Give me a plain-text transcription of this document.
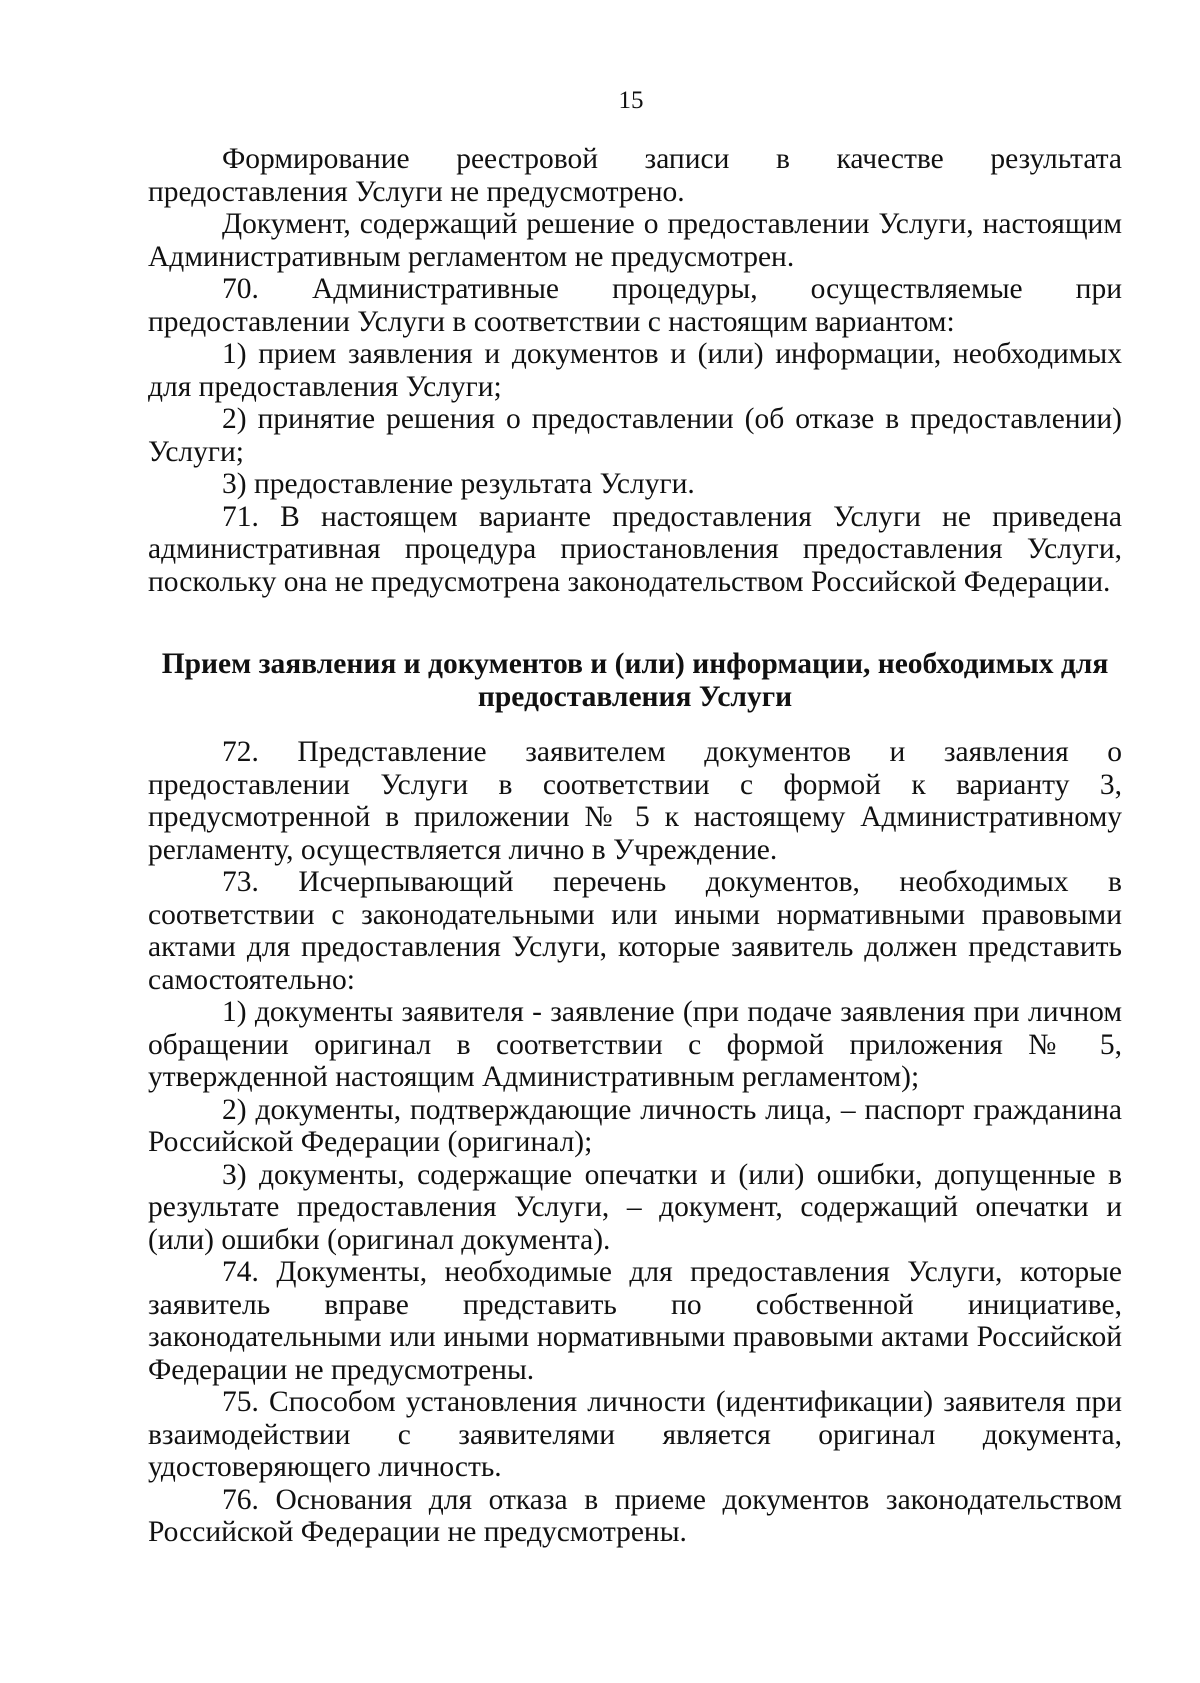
15

Формирование реестровой записи в качестве результата предоставления Услуги не предусмотрено.

Документ, содержащий решение о предоставлении Услуги, настоящим Административным регламентом не предусмотрен.

70. Административные процедуры, осуществляемые при предоставлении Услуги в соответствии с настоящим вариантом:

1) прием заявления и документов и (или) информации, необходимых для предоставления Услуги;

2) принятие решения о предоставлении (об отказе в предоставлении) Услуги;

3) предоставление результата Услуги.

71. В настоящем варианте предоставления Услуги не приведена административная процедура приостановления предоставления Услуги, поскольку она не предусмотрена законодательством Российской Федерации.

Прием заявления и документов и (или) информации, необходимых для предоставления Услуги

72. Представление заявителем документов и заявления о предоставлении Услуги в соответствии с формой к варианту 3, предусмотренной в приложении № 5 к настоящему Административному регламенту, осуществляется лично в Учреждение.

73. Исчерпывающий перечень документов, необходимых в соответствии с законодательными или иными нормативными правовыми актами для предоставления Услуги, которые заявитель должен представить самостоятельно:

1) документы заявителя - заявление (при подаче заявления при личном обращении оригинал в соответствии с формой приложения № 5, утвержденной настоящим Административным регламентом);

2) документы, подтверждающие личность лица, – паспорт гражданина Российской Федерации (оригинал);

3) документы, содержащие опечатки и (или) ошибки, допущенные в результате предоставления Услуги, – документ, содержащий опечатки и (или) ошибки (оригинал документа).

74. Документы, необходимые для предоставления Услуги, которые заявитель вправе представить по собственной инициативе, законодательными или иными нормативными правовыми актами Российской Федерации не предусмотрены.

75. Способом установления личности (идентификации) заявителя при взаимодействии с заявителями является оригинал документа, удостоверяющего личность.

76. Основания для отказа в приеме документов законодательством Российской Федерации не предусмотрены.
